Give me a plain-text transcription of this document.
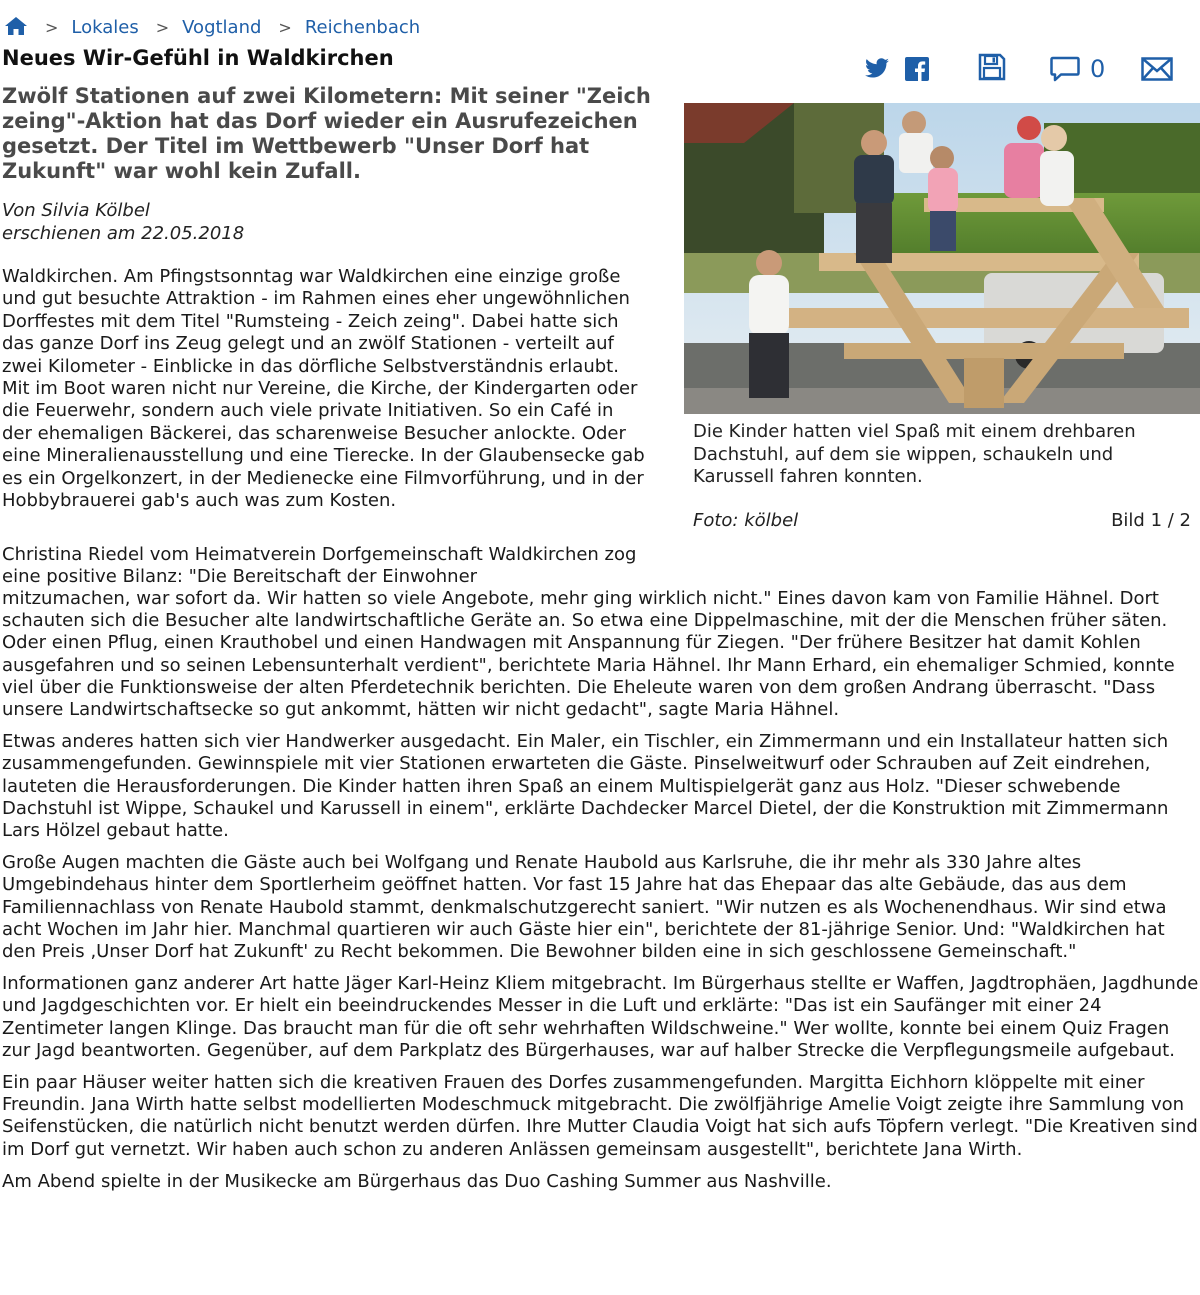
> Lokales > Vogtland > Reichenbach
Neues Wir-Gefühl in Waldkirchen	0

Zwölf Stationen auf zwei Kilometern: Mit seiner "Zeich zeing"-Aktion hat das Dorf wieder ein Ausrufezeichen gesetzt. Der Titel im Wettbewerb "Unser Dorf hat Zukunft" war wohl kein Zufall.

Von Silvia Kölbel
erschienen am 22.05.2018

Die Kinder hatten viel Spaß mit einem drehbaren Dachstuhl, auf dem sie wippen, schaukeln und Karussell fahren konnten.

Foto: kölbel	Bild 1 / 2

Waldkirchen. Am Pfingstsonntag war Waldkirchen eine einzige große und gut besuchte Attraktion - im Rahmen eines eher ungewöhnlichen Dorffestes mit dem Titel "Rumsteing - Zeich zeing". Dabei hatte sich das ganze Dorf ins Zeug gelegt und an zwölf Stationen - verteilt auf zwei Kilometer - Einblicke in das dörfliche Selbstverständnis erlaubt. Mit im Boot waren nicht nur Vereine, die Kirche, der Kindergarten oder die Feuerwehr, sondern auch viele private Initiativen. So ein Café in der ehemaligen Bäckerei, das scharenweise Besucher anlockte. Oder eine Mineralienausstellung und eine Tierecke. In der Glaubensecke gab es ein Orgelkonzert, in der Medienecke eine Filmvorführung, und in der Hobbybrauerei gab's auch was zum Kosten.

Christina Riedel vom Heimatverein Dorfgemeinschaft Waldkirchen zog eine positive Bilanz: "Die Bereitschaft der Einwohner

mitzumachen, war sofort da. Wir hatten so viele Angebote, mehr ging wirklich nicht." Eines davon kam von Familie Hähnel. Dort schauten sich die Besucher alte landwirtschaftliche Geräte an. So etwa eine Dippelmaschine, mit der die Menschen früher säten. Oder einen Pflug, einen Krauthobel und einen Handwagen mit Anspannung für Ziegen. "Der frühere Besitzer hat damit Kohlen ausgefahren und so seinen Lebensunterhalt verdient", berichtete Maria Hähnel. Ihr Mann Erhard, ein ehemaliger Schmied, konnte viel über die Funktionsweise der alten Pferdetechnik berichten. Die Eheleute waren von dem großen Andrang überrascht. "Dass unsere Landwirtschaftsecke so gut ankommt, hätten wir nicht gedacht", sagte Maria Hähnel.

Etwas anderes hatten sich vier Handwerker ausgedacht. Ein Maler, ein Tischler, ein Zimmermann und ein Installateur hatten sich zusammengefunden. Gewinnspiele mit vier Stationen erwarteten die Gäste. Pinselweitwurf oder Schrauben auf Zeit eindrehen, lauteten die Herausforderungen. Die Kinder hatten ihren Spaß an einem Multispielgerät ganz aus Holz. "Dieser schwebende Dachstuhl ist Wippe, Schaukel und Karussell in einem", erklärte Dachdecker Marcel Dietel, der die Konstruktion mit Zimmermann Lars Hölzel gebaut hatte.

Große Augen machten die Gäste auch bei Wolfgang und Renate Haubold aus Karlsruhe, die ihr mehr als 330 Jahre altes Umgebindehaus hinter dem Sportlerheim geöffnet hatten. Vor fast 15 Jahre hat das Ehepaar das alte Gebäude, das aus dem Familiennachlass von Renate Haubold stammt, denkmalschutzgerecht saniert. "Wir nutzen es als Wochenendhaus. Wir sind etwa acht Wochen im Jahr hier. Manchmal quartieren wir auch Gäste hier ein", berichtete der 81-jährige Senior. Und: "Waldkirchen hat den Preis ‚Unser Dorf hat Zukunft' zu Recht bekommen. Die Bewohner bilden eine in sich geschlossene Gemeinschaft."

Informationen ganz anderer Art hatte Jäger Karl-Heinz Kliem mitgebracht. Im Bürgerhaus stellte er Waffen, Jagdtrophäen, Jagdhunde und Jagdgeschichten vor. Er hielt ein beeindruckendes Messer in die Luft und erklärte: "Das ist ein Saufänger mit einer 24 Zentimeter langen Klinge. Das braucht man für die oft sehr wehrhaften Wildschweine." Wer wollte, konnte bei einem Quiz Fragen zur Jagd beantworten. Gegenüber, auf dem Parkplatz des Bürgerhauses, war auf halber Strecke die Verpflegungsmeile aufgebaut.

Ein paar Häuser weiter hatten sich die kreativen Frauen des Dorfes zusammengefunden. Margitta Eichhorn klöppelte mit einer Freundin. Jana Wirth hatte selbst modellierten Modeschmuck mitgebracht. Die zwölfjährige Amelie Voigt zeigte ihre Sammlung von Seifenstücken, die natürlich nicht benutzt werden dürfen. Ihre Mutter Claudia Voigt hat sich aufs Töpfern verlegt. "Die Kreativen sind im Dorf gut vernetzt. Wir haben auch schon zu anderen Anlässen gemeinsam ausgestellt", berichtete Jana Wirth.

Am Abend spielte in der Musikecke am Bürgerhaus das Duo Cashing Summer aus Nashville.
